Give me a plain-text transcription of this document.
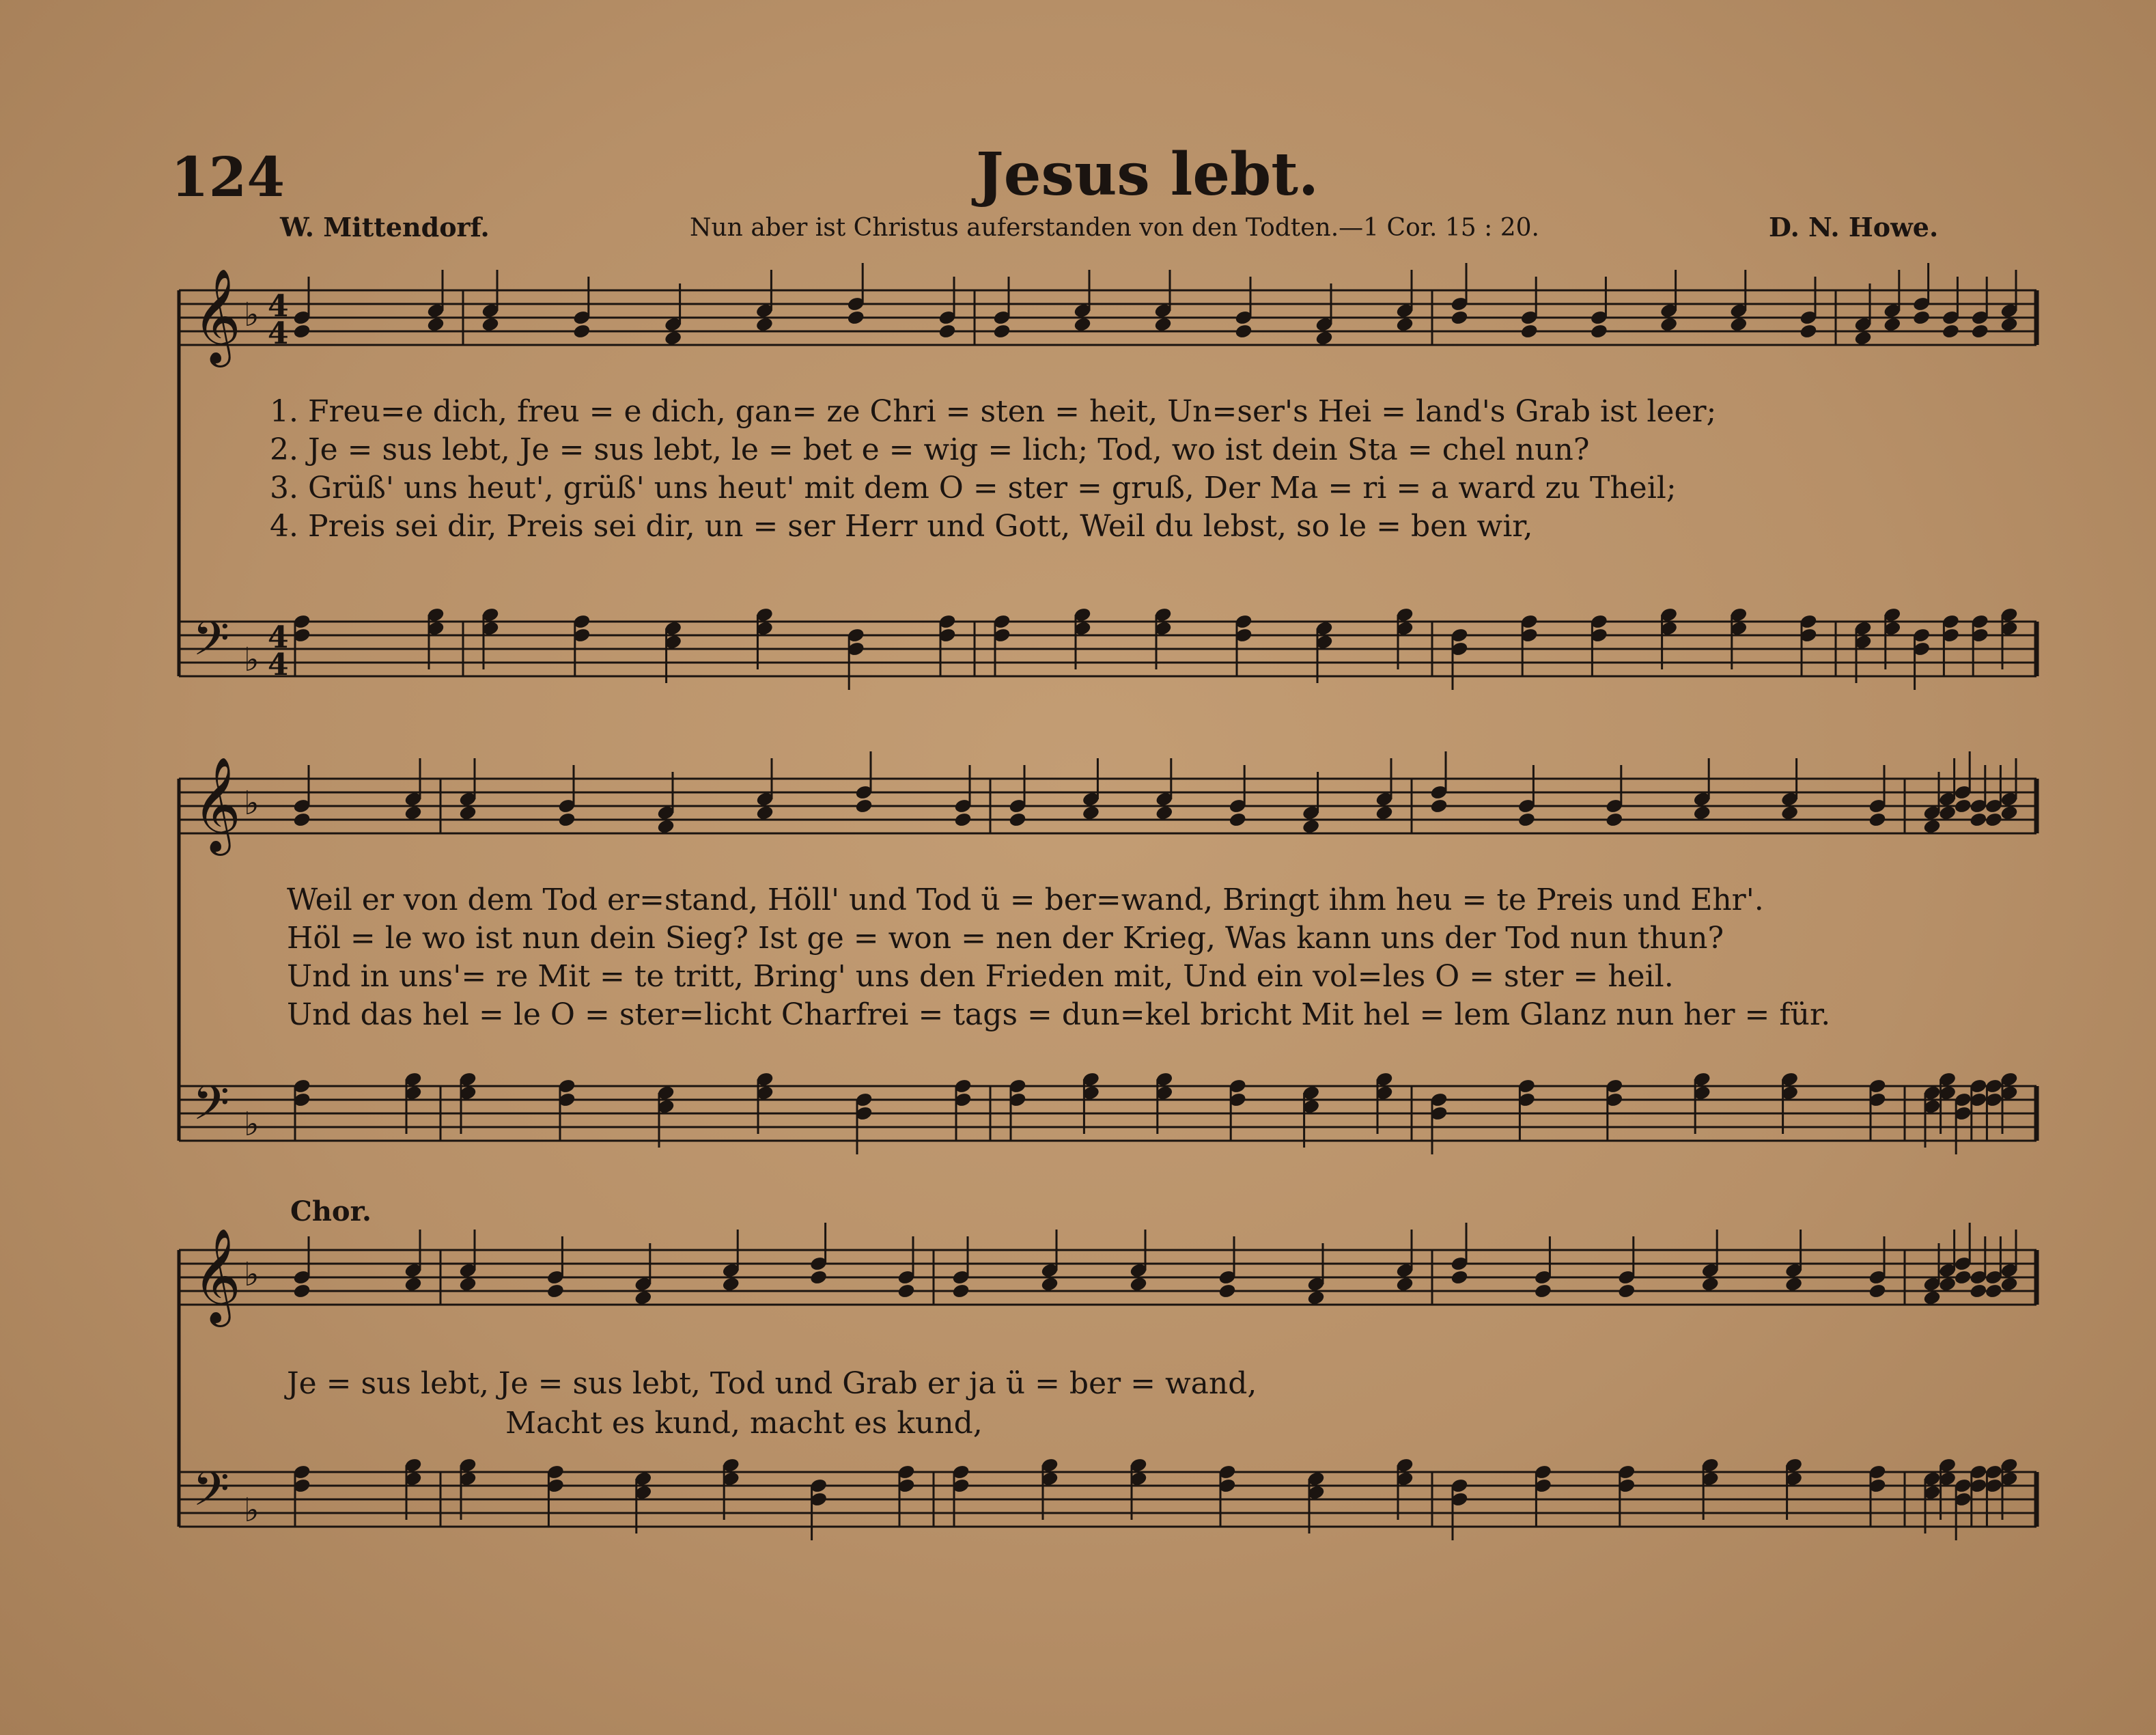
124	Jesus lebt.
W. Mittendorf.	Nun aber ist Christus auferstanden von den Todten.—1 Cor. 15 : 20.	D. N. Howe.
𝄞
𝄢
♭
♭
4
4
4
4
𝄞
𝄢
♭
♭
𝄞
𝄢
♭
♭
1. Freu=e dich, freu = e dich, gan= ze Chri = sten = heit, Un=ser's Hei = land's Grab ist leer;
2. Je = sus lebt, Je = sus lebt, le = bet e = wig = lich; Tod, wo ist dein Sta = chel nun?
3. Grüß' uns heut', grüß' uns heut' mit dem O = ster = gruß, Der Ma = ri = a ward zu Theil;
4. Preis sei dir, Preis sei dir, un = ser Herr und Gott, Weil du lebst, so le = ben wir,
Weil er von dem Tod er=stand, Höll' und Tod ü = ber=wand, Bringt ihm heu = te Preis und Ehr'.
Höl = le wo ist nun dein Sieg? Ist ge = won = nen der Krieg, Was kann uns der Tod nun thun?
Und in uns'= re Mit = te tritt, Bring' uns den Frieden mit, Und ein vol=les O = ster = heil.
Und das hel = le O = ster=licht Charfrei = tags = dun=kel bricht Mit hel = lem Glanz nun her = für.
Chor.
Je = sus lebt, Je = sus lebt, Tod und Grab er ja ü = ber = wand,
Macht es kund, macht es kund,
